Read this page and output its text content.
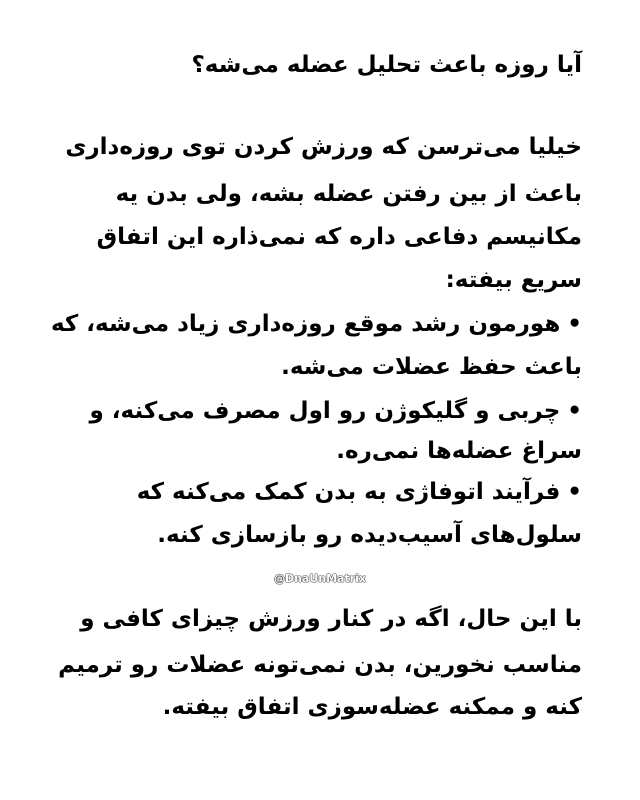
آیا روزه باعث تحلیل عضله می‌شه؟

خیلیا می‌ترسن که ورزش کردن توی روزه‌داری

باعث از بین رفتن عضله بشه، ولی بدن یه

مکانیسم دفاعی داره که نمی‌ذاره این اتفاق

سریع بیفته:

•هورمون رشد موقع روزه‌داری زیاد می‌شه، که

باعث حفظ عضلات می‌شه.

•چربی و گلیکوژن رو اول مصرف می‌کنه، و

سراغ عضله‌ها نمی‌ره.

•فرآیند اتوفاژی به بدن کمک می‌کنه که

سلول‌های آسیب‌دیده رو بازسازی کنه.

@DnaUnMatrix

با این حال، اگه در کنار ورزش چیزای کافی و

مناسب نخورین، بدن نمی‌تونه عضلات رو ترمیم

کنه و ممکنه عضله‌سوزی اتفاق بیفته.
